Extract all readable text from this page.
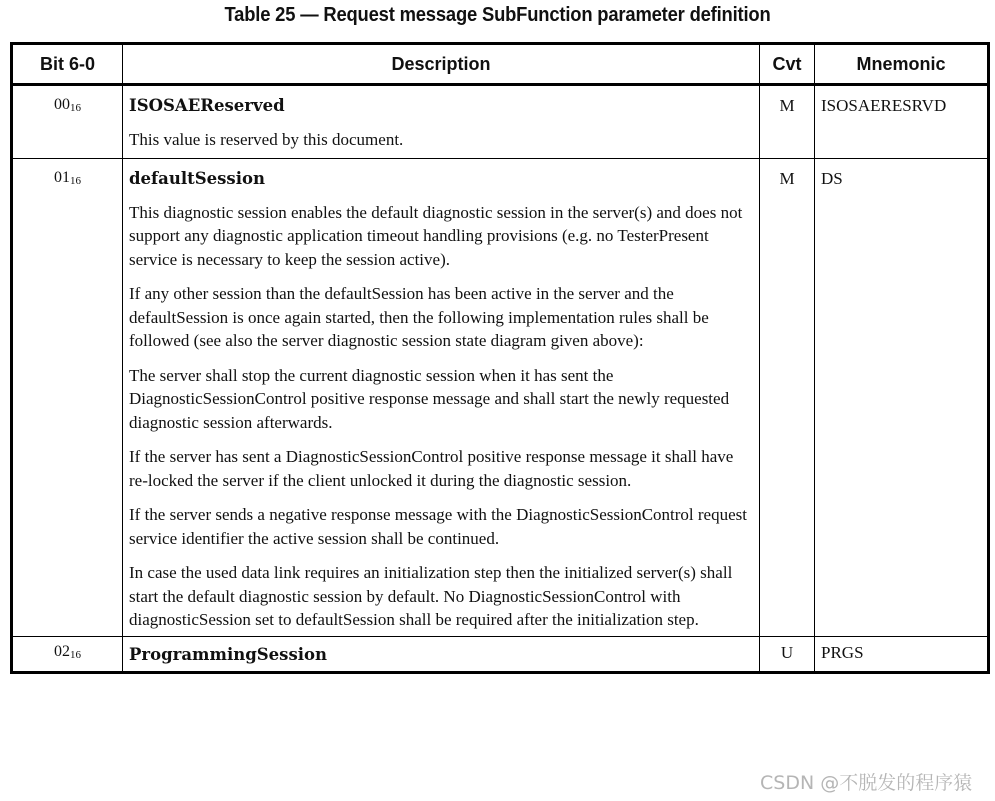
Table 25 — Request message SubFunction parameter definition
Bit 6-0	Description	Cvt	Mnemonic
$00_{16}$	ISOSAEReserved

This value is reserved by this document.	M	ISOSAERESRVD
$01_{16}$	defaultSession

This diagnostic session enables the default diagnostic session in the server(s) and does not support any diagnostic application timeout handling provisions (e.g. no TesterPresent service is necessary to keep the session active).

If any other session than the defaultSession has been active in the server and the defaultSession is once again started, then the following implementation rules shall be followed (see also the server diagnostic session state diagram given above):

The server shall stop the current diagnostic session when it has sent the DiagnosticSessionControl positive response message and shall start the newly requested diagnostic session afterwards.

If the server has sent a DiagnosticSessionControl positive response message it shall have re-locked the server if the client unlocked it during the diagnostic session.

If the server sends a negative response message with the DiagnosticSessionControl request service identifier the active session shall be continued.

In case the used data link requires an initialization step then the initialized server(s) shall start the default diagnostic session by default. No DiagnosticSessionControl with diagnosticSession set to defaultSession shall be required after the initialization step.

	M	DS
$02_{16}$	ProgrammingSession	U	PRGS
CSDN @不脱发的程序猿
